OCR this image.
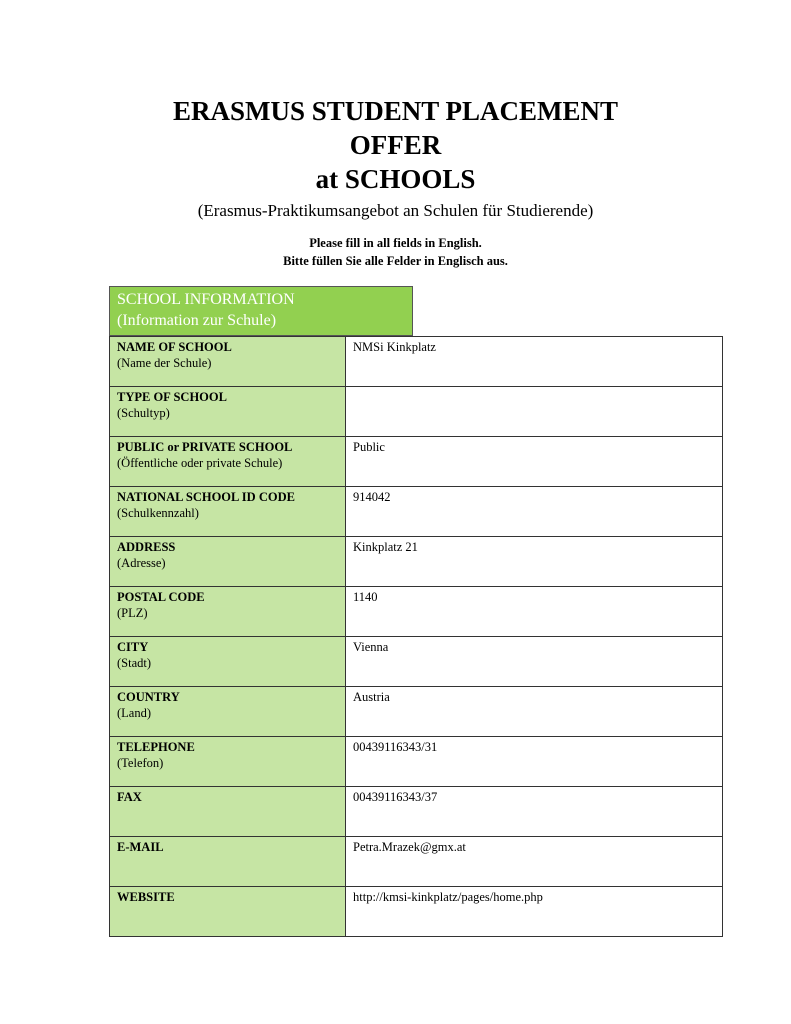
ERASMUS STUDENT PLACEMENT
OFFER
at SCHOOLS
(Erasmus-Praktikumsangebot an Schulen für Studierende)
Please fill in all fields in English.
Bitte füllen Sie alle Felder in Englisch aus.
SCHOOL INFORMATION
(Information zur Schule)
NAME OF SCHOOL
(Name der Schule)	NMSi Kinkplatz

TYPE OF SCHOOL
(Schultyp)	

PUBLIC or PRIVATE SCHOOL
(Öffentliche oder private Schule)	Public

NATIONAL SCHOOL ID CODE
(Schulkennzahl)	914042

ADDRESS
(Adresse)	Kinkplatz 21

POSTAL CODE
(PLZ)	1140

CITY
(Stadt)	Vienna

COUNTRY
(Land)	Austria

TELEPHONE
(Telefon)	00439116343/31

FAX	00439116343/37

E-MAIL	Petra.Mrazek@gmx.at

WEBSITE	http://kmsi-kinkplatz/pages/home.php
